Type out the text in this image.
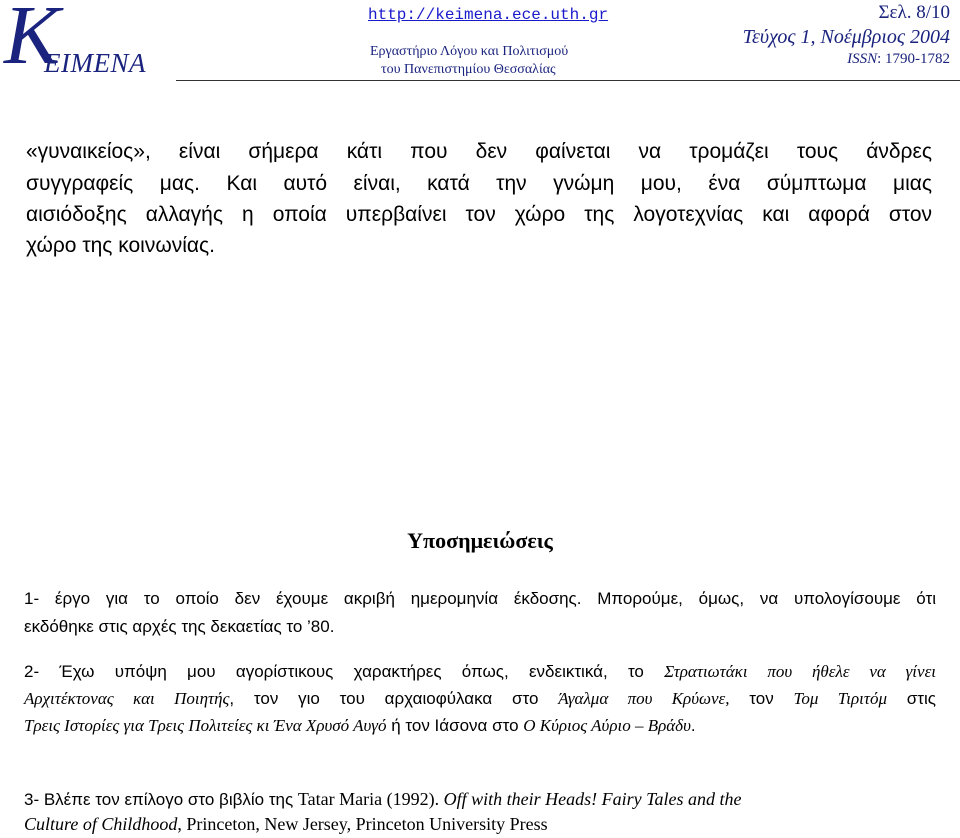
K
EIMENA
http://keimena.ece.uth.gr
Εργαστήριο Λόγου και Πολιτισμού
του Πανεπιστημίου Θεσσαλίας
Σελ. 8/10
Τεύχος 1, Νοέμβριος 2004
ISSN: 1790-1782
«γυναικείος», είναι σήμερα κάτι που δεν φαίνεται να τρομάζει τους άνδρες
συγγραφείς μας. Και αυτό είναι, κατά την γνώμη μου, ένα σύμπτωμα μιας
αισιόδοξης αλλαγής η οποία υπερβαίνει τον χώρο της λογοτεχνίας και αφορά στον
χώρο της κοινωνίας.
Υποσημειώσεις
1- έργο για το οποίο δεν έχουμε ακριβή ημερομηνία έκδοσης. Μπορούμε, όμως, να υπολογίσουμε ότι
εκδόθηκε στις αρχές της δεκαετίας το ’80.
2- Έχω υπόψη μου αγορίστικους χαρακτήρες όπως, ενδεικτικά, το Στρατιωτάκι που ήθελε να γίνει
Αρχιτέκτονας και Ποιητής, τον γιο του αρχαιοφύλακα στο Άγαλμα που Κρύωνε, τον Τομ Τιριτόμ στις
Τρεις Ιστορίες για Τρεις Πολιτείες κι Ένα Χρυσό Αυγό ή τον Ιάσονα στο Ο Κύριος Αύριο – Βράδυ.
3- Βλέπε τον επίλογο στο βιβλίο της Tatar Maria (1992). Off with their Heads! Fairy Tales and the
Culture of Childhood, Princeton, New Jersey, Princeton University Press
